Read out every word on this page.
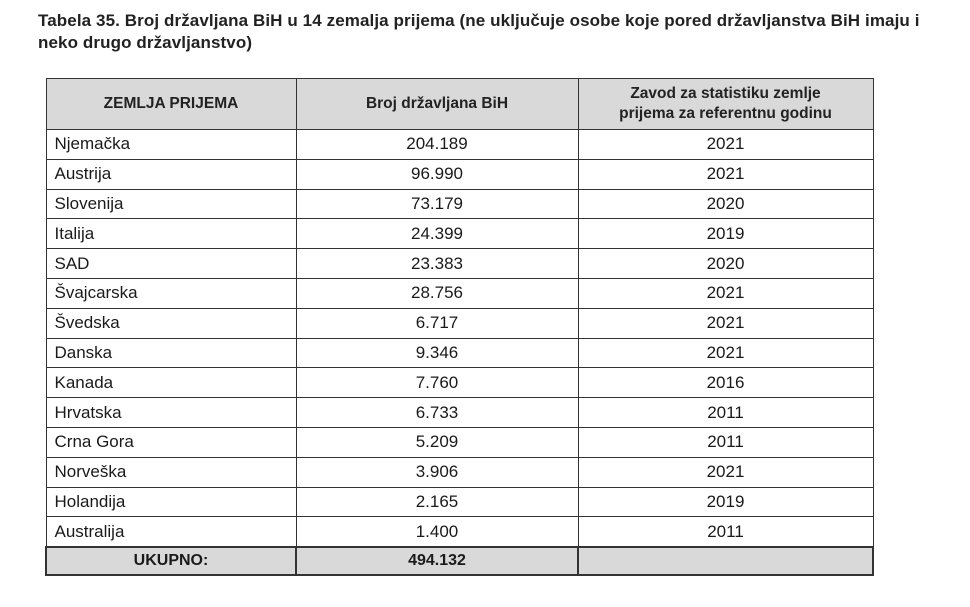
Tabela 35. Broj državljana BiH u 14 zemalja prijema (ne uključuje osobe koje pored državljanstva BiH imaju i neko drugo državljanstvo)
ZEMLJA PRIJEMA	Broj državljana BiH	Zavod za statistiku zemlje
prijema za referentnu godinu
Njemačka	204.189	2021
Austrija	96.990	2021
Slovenija	73.179	2020
Italija	24.399	2019
SAD	23.383	2020
Švajcarska	28.756	2021
Švedska	6.717	2021
Danska	9.346	2021
Kanada	7.760	2016
Hrvatska	6.733	2011
Crna Gora	5.209	2011
Norveška	3.906	2021
Holandija	2.165	2019
Australija	1.400	2011
UKUPNO:	494.132	
